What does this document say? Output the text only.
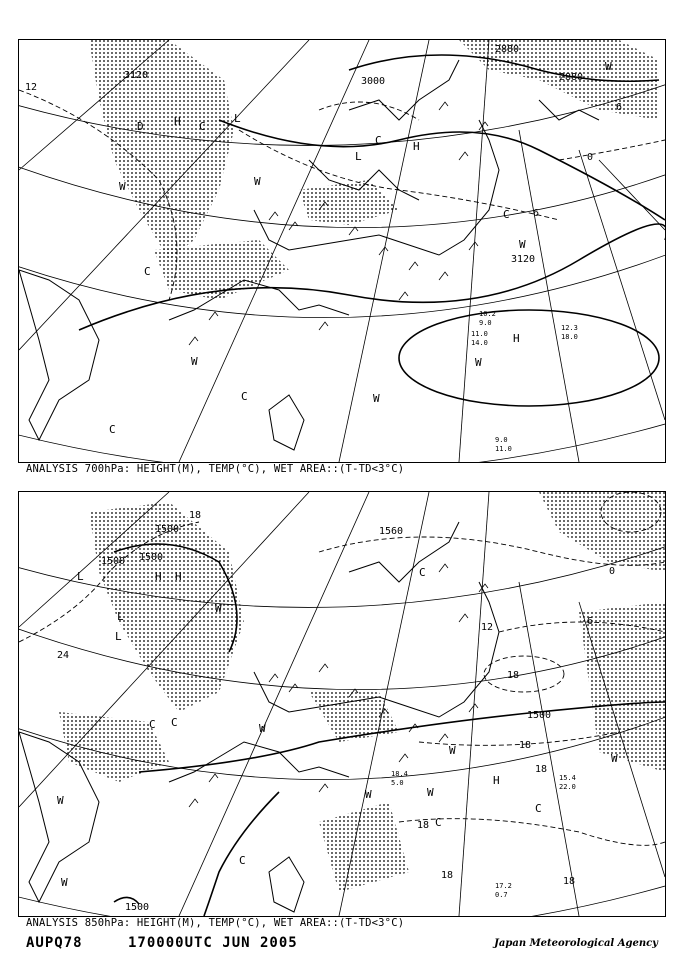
3120
3000
2880
2880
3120
12
6
0
6
L
H
D	C
C
W
W
W
C
L
C	H
W
W
C
W
C
H
W
10.2
9.0
11.0
14.0
12.3
18.0
9.0
11.0
ANALYSIS 700hPa: HEIGHT(M), TEMP(°C), WET AREA::(T-TD<3°C)
1500 1500
1500
1500
1500	1560
18
24
18
12
18
6
0
18
18
18
18
L	H
L
C
W
W
W
C
H
H
W
W
W
C
C
C
W
W
L
C
17.2
0.7
15.4
22.0
18.4
5.0
ANALYSIS 850hPa: HEIGHT(M), TEMP(°C), WET AREA::(T-TD<3°C)
AUPQ78	170000UTC JUN 2005	Japan Meteorological Agency
